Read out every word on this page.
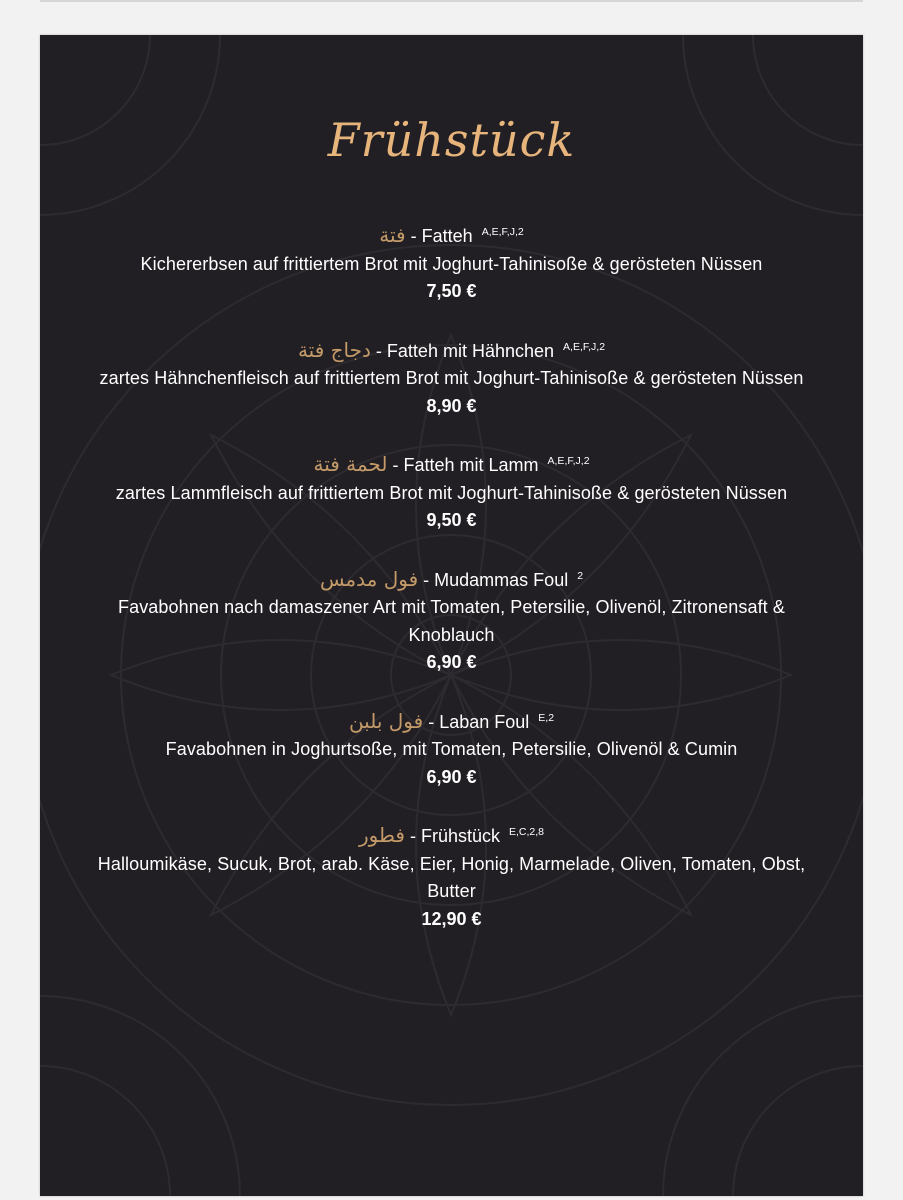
Frühstück
فتة - Fatteh $^{A,E,F,J,2}$
Kichererbsen auf frittiertem Brot mit Joghurt-Tahinisoße & gerösteten Nüssen
7,50 €
دجاج فتة - Fatteh mit Hähnchen $^{A,E,F,J,2}$
zartes Hähnchenfleisch auf frittiertem Brot mit Joghurt-Tahinisoße & gerösteten Nüssen
8,90 €
لحمة فتة - Fatteh mit Lamm $^{A,E,F,J,2}$
zartes Lammfleisch auf frittiertem Brot mit Joghurt-Tahinisoße & gerösteten Nüssen
9,50 €
فول مدمس - Mudammas Foul $^2$
Favabohnen nach damaszener Art mit Tomaten, Petersilie, Olivenöl, Zitronensaft & Knoblauch
6,90 €
فول بلبن - Laban Foul $^{E,2}$
Favabohnen in Joghurtsoße, mit Tomaten, Petersilie, Olivenöl & Cumin
6,90 €
فطور - Frühstück $^{E,C,2,8}$
Halloumikäse, Sucuk, Brot, arab. Käse, Eier, Honig, Marmelade, Oliven, Tomaten, Obst, Butter
12,90 €
